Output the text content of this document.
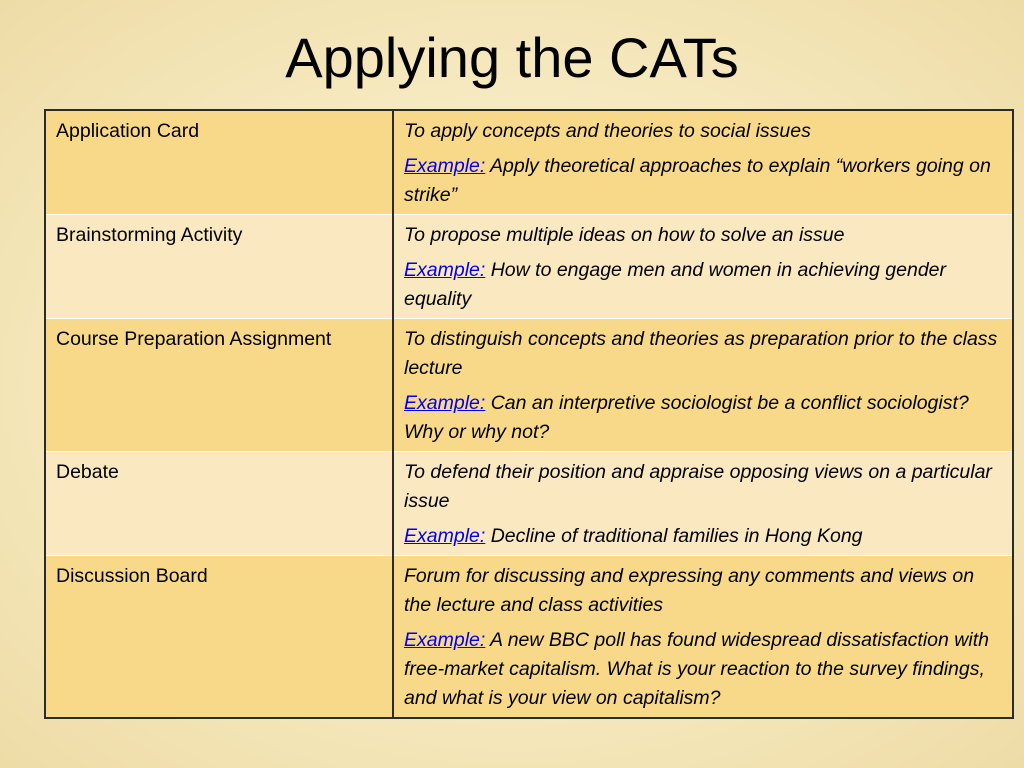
Applying the CATs
Application Card	To apply concepts and theories to social issues
Example: Apply theoretical approaches to explain “workers going on strike”
Brainstorming Activity	To propose multiple ideas on how to solve an issue
Example: How to engage men and women in achieving gender equality
Course Preparation Assignment	To distinguish concepts and theories as preparation prior to the class lecture
Example: Can an interpretive sociologist be a conflict sociologist? Why or why not?
Debate	To defend their position and appraise opposing views on a particular issue
Example: Decline of traditional families in Hong Kong
Discussion Board	Forum for discussing and expressing any comments and views on the lecture and class activities
Example: A new BBC poll has found widespread dissatisfaction with free-market capitalism. What is your reaction to the survey findings, and what is your view on capitalism?
